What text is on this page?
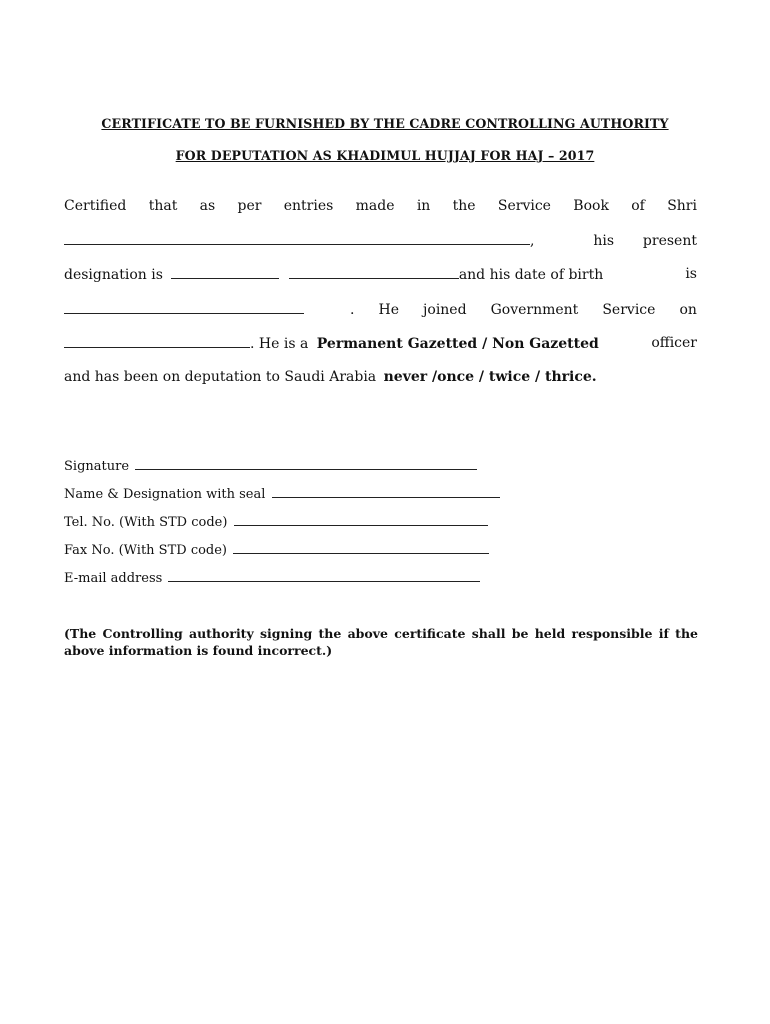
CERTIFICATE TO BE FURNISHED BY THE CADRE CONTROLLING AUTHORITY
FOR DEPUTATION AS KHADIMUL HUJJAJ FOR HAJ – 2017
Certified that as per entries made in the Service Book of Shri
,	his present
designation is	and his date of birth	is
. He joined Government Service on
. He is a Permanent Gazetted / Non Gazetted	officer
and has been on deputation to Saudi Arabia never /once / twice / thrice.
Signature
Name & Designation with seal
Tel. No. (With STD code)
Fax No. (With STD code)
E-mail address
(The Controlling authority signing the above certificate shall be held responsible if the above information is found incorrect.)
